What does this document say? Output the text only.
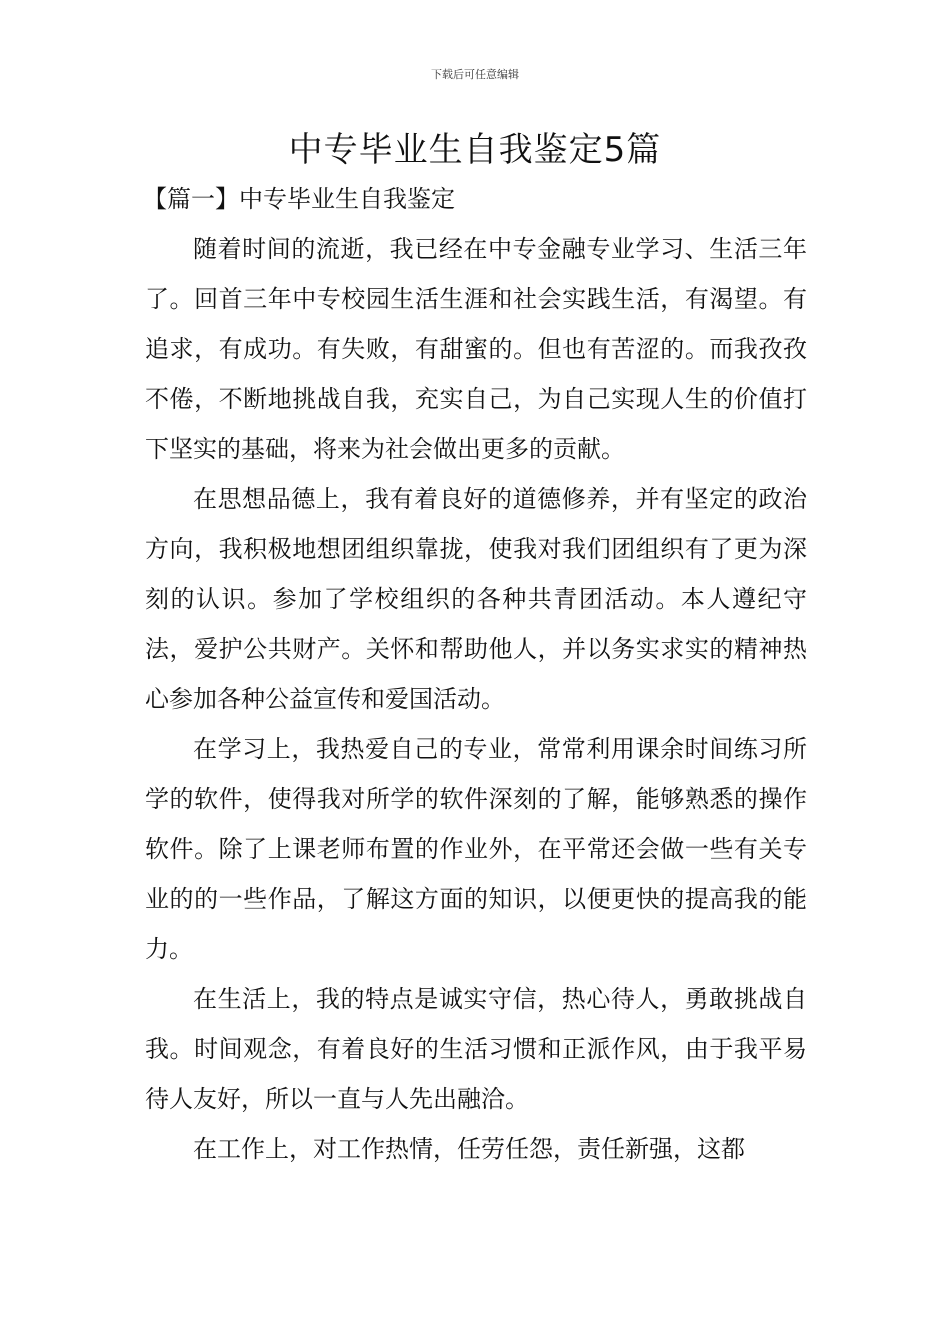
下载后可任意编辑
中专毕业生自我鉴定5篇
【篇一】中专毕业生自我鉴定

随着时间的流逝，我已经在中专金融专业学习、生活三年了。回首三年中专校园生活生涯和社会实践生活，有渴望。有追求，有成功。有失败，有甜蜜的。但也有苦涩的。而我孜孜不倦，不断地挑战自我，充实自己，为自己实现人生的价值打下坚实的基础，将来为社会做出更多的贡献。

在思想品德上，我有着良好的道德修养，并有坚定的政治方向，我积极地想团组织靠拢，使我对我们团组织有了更为深刻的认识。参加了学校组织的各种共青团活动。本人遵纪守法，爱护公共财产。关怀和帮助他人，并以务实求实的精神热心参加各种公益宣传和爱国活动。

在学习上，我热爱自己的专业，常常利用课余时间练习所学的软件，使得我对所学的软件深刻的了解，能够熟悉的操作软件。除了上课老师布置的作业外，在平常还会做一些有关专业的的一些作品，了解这方面的知识，以便更快的提高我的能力。

在生活上，我的特点是诚实守信，热心待人，勇敢挑战自我。时间观念，有着良好的生活习惯和正派作风，由于我平易待人友好，所以一直与人先出融洽。

在工作上，对工作热情，任劳任怨，责任新强，这都
